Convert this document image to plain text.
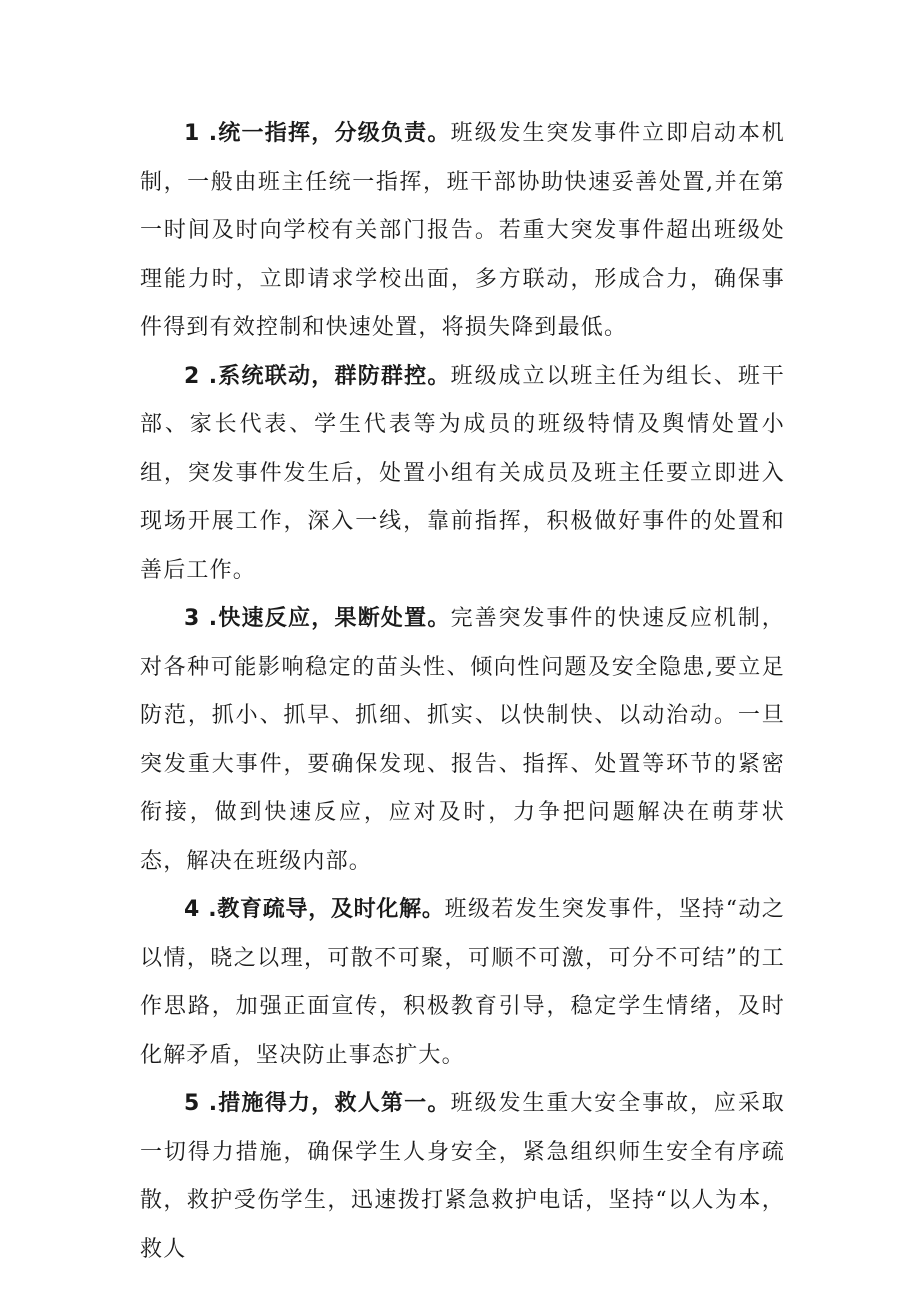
1 .统一指挥，分级负责。班级发生突发事件立即启动本机制，一般由班主任统一指挥，班干部协助快速妥善处置,并在第一时间及时向学校有关部门报告。若重大突发事件超出班级处理能力时，立即请求学校出面，多方联动，形成合力，确保事件得到有效控制和快速处置，将损失降到最低。

2 .系统联动，群防群控。班级成立以班主任为组长、班干部、家长代表、学生代表等为成员的班级特情及舆情处置小组，突发事件发生后，处置小组有关成员及班主任要立即进入现场开展工作，深入一线，靠前指挥，积极做好事件的处置和善后工作。

3 .快速反应，果断处置。完善突发事件的快速反应机制，对各种可能影响稳定的苗头性、倾向性问题及安全隐患,要立足防范，抓小、抓早、抓细、抓实、以快制快、以动治动。一旦突发重大事件，要确保发现、报告、指挥、处置等环节的紧密衔接，做到快速反应，应对及时，力争把问题解决在萌芽状态，解决在班级内部。

4 .教育疏导，及时化解。班级若发生突发事件，坚持“动之以情，晓之以理，可散不可聚，可顺不可激，可分不可结”的工作思路，加强正面宣传，积极教育引导，稳定学生情绪，及时化解矛盾，坚决防止事态扩大。

5 .措施得力，救人第一。班级发生重大安全事故，应采取一切得力措施，确保学生人身安全，紧急组织师生安全有序疏散，救护受伤学生，迅速拨打紧急救护电话，坚持“以人为本，救人
